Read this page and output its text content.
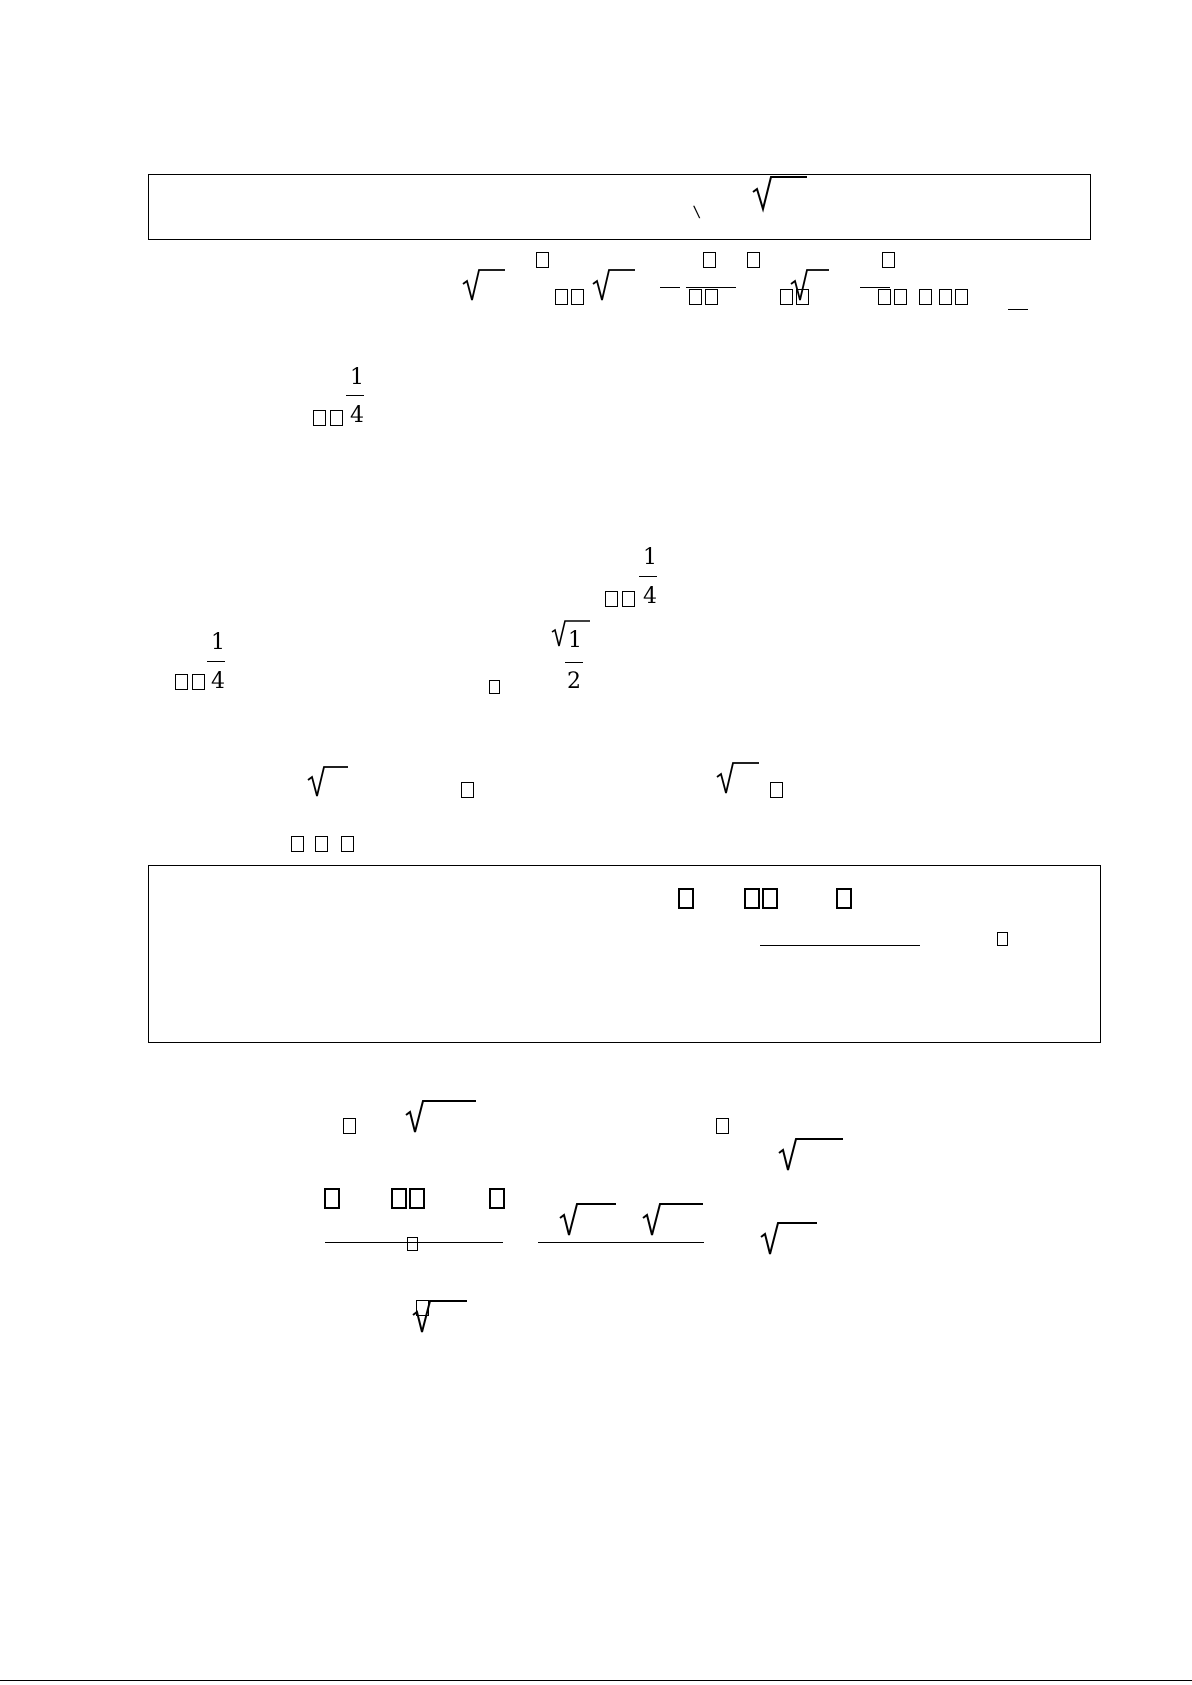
\
1
4
1
4
1
4
1
2
